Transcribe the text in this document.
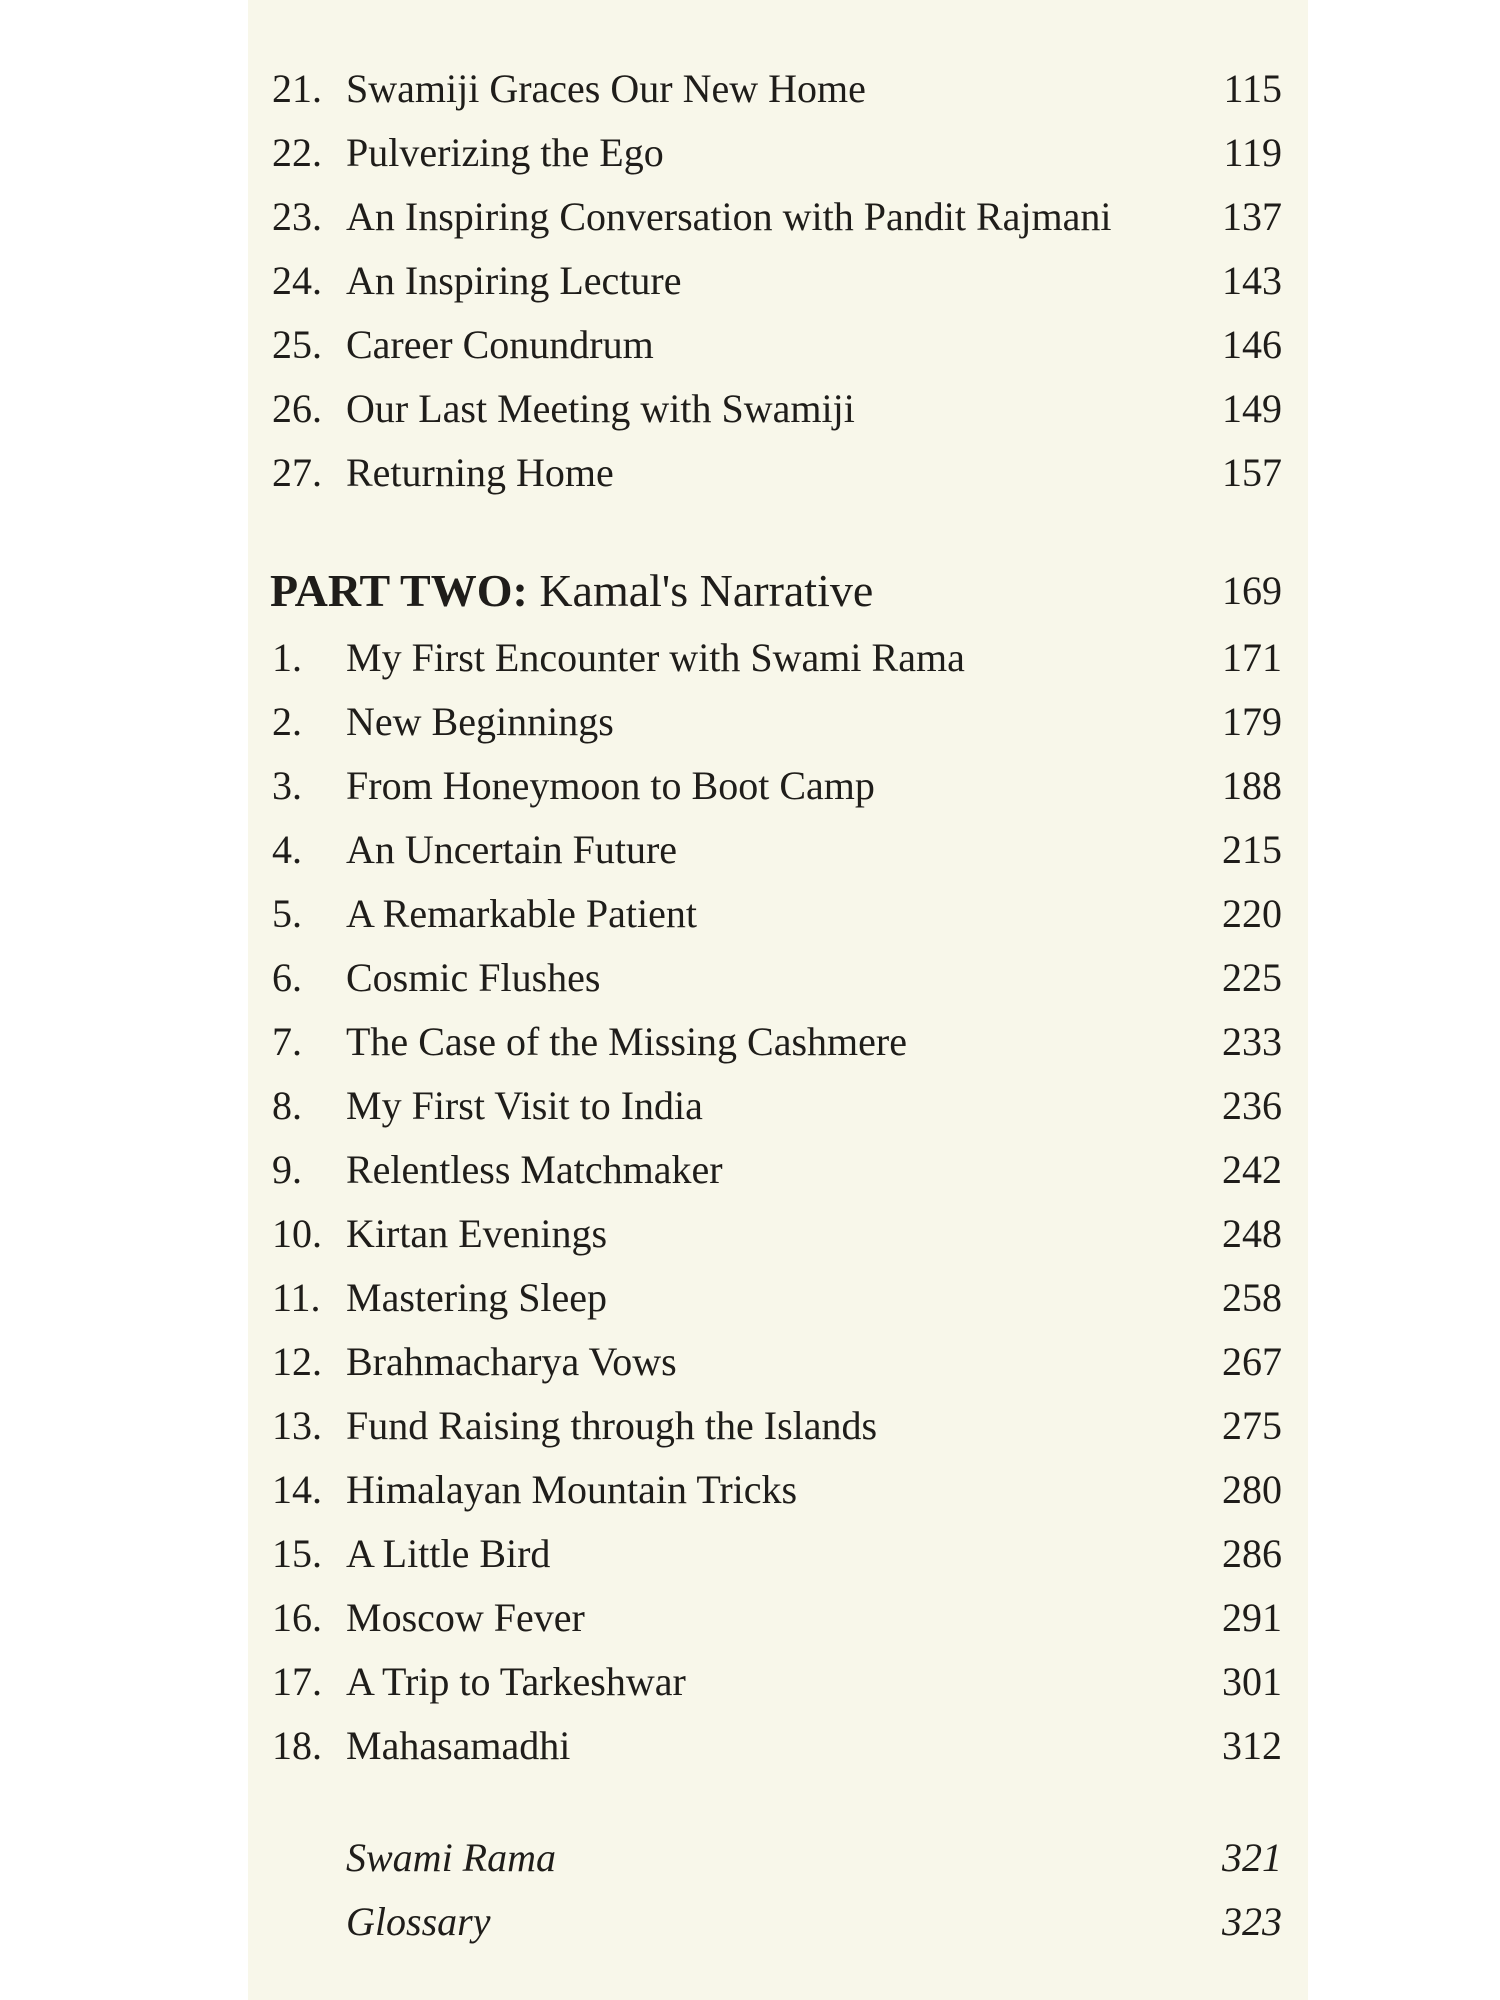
21. Swamiji Graces Our New Home	115
22. Pulverizing the Ego	119
23. An Inspiring Conversation with Pandit Rajmani	137
24. An Inspiring Lecture	143
25. Career Conundrum	146
26. Our Last Meeting with Swamiji	149
27. Returning Home	157
PART TWO: Kamal's Narrative	169
1.	My First Encounter with Swami Rama	171
2.	New Beginnings	179
3.	From Honeymoon to Boot Camp	188
4.	An Uncertain Future	215
5.	A Remarkable Patient	220
6.	Cosmic Flushes	225
7.	The Case of the Missing Cashmere	233
8.	My First Visit to India	236
9.	Relentless Matchmaker	242
10. Kirtan Evenings	248
11. Mastering Sleep	258
12. Brahmacharya Vows	267
13. Fund Raising through the Islands	275
14. Himalayan Mountain Tricks	280
15. A Little Bird	286
16. Moscow Fever	291
17. A Trip to Tarkeshwar	301
18. Mahasamadhi	312
Swami Rama	321
Glossary	323
